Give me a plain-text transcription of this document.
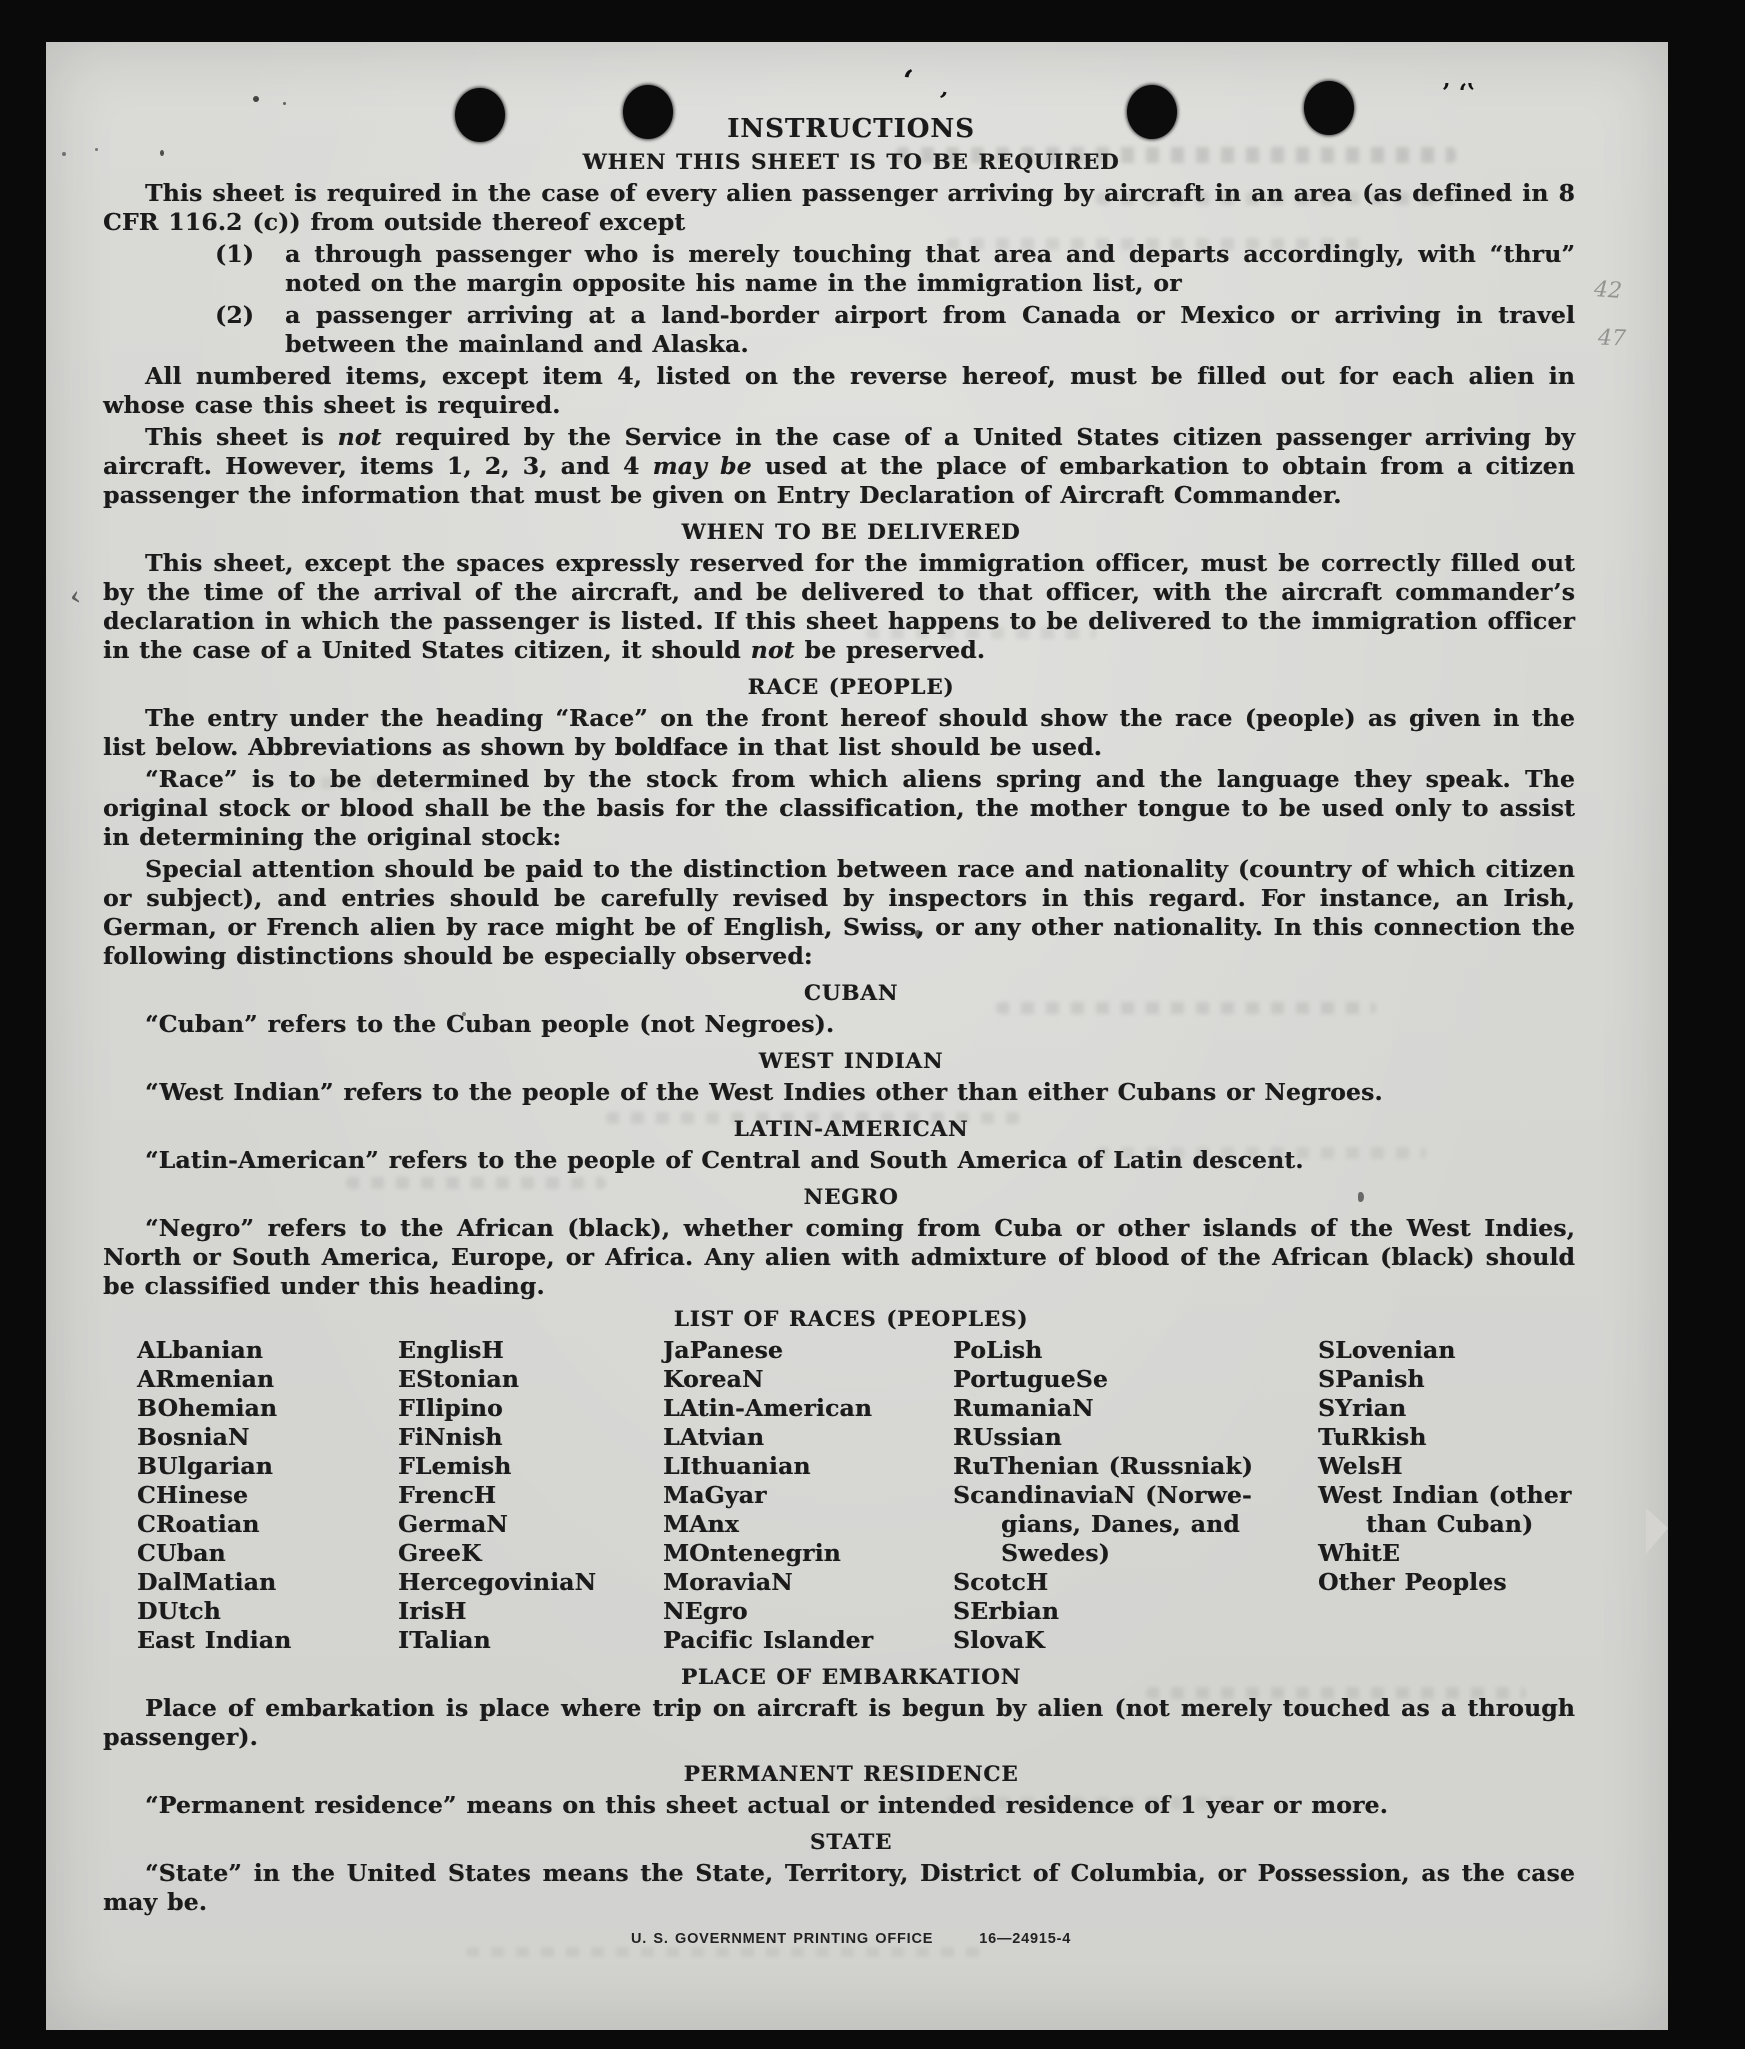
‘
’	’ ‘‛
‹
42
47
INSTRUCTIONS
WHEN THIS SHEET IS TO BE REQUIRED

This sheet is required in the case of every alien passenger arriving by aircraft in an area (as defined in 8 CFR 116.2 (c)) from outside thereof except

(1) a through passenger who is merely touching that area and departs accordingly, with “thru” noted on the margin opposite his name in the immigration list, or
(2) a passenger arriving at a land-border airport from Canada or Mexico or arriving in travel between the mainland and Alaska.

All numbered items, except item 4, listed on the reverse hereof, must be filled out for each alien in whose case this sheet is required.

This sheet is not required by the Service in the case of a United States citizen passenger arriving by aircraft. However, items 1, 2, 3, and 4 may be used at the place of embarkation to obtain from a citizen passenger the information that must be given on Entry Declaration of Aircraft Commander.

WHEN TO BE DELIVERED

This sheet, except the spaces expressly reserved for the immigration officer, must be correctly filled out by the time of the arrival of the aircraft, and be delivered to that officer, with the aircraft commander’s declaration in which the passenger is listed. If this sheet happens to be delivered to the immigration officer in the case of a United States citizen, it should not be preserved.

RACE (PEOPLE)

The entry under the heading “Race” on the front hereof should show the race (people) as given in the list below. Abbreviations as shown by boldface in that list should be used.

“Race” is to be determined by the stock from which aliens spring and the language they speak. The original stock or blood shall be the basis for the classification, the mother tongue to be used only to assist in determining the original stock:

Special attention should be paid to the distinction between race and nationality (country of which citizen or subject), and entries should be carefully revised by inspectors in this regard. For instance, an Irish, German, or French alien by race might be of English, Swiss, or any other nationality. In this connection the following distinctions should be especially observed:

CUBAN

“Cuban” refers to the Cuban people (not Negroes).

WEST INDIAN

“West Indian” refers to the people of the West Indies other than either Cubans or Negroes.

LATIN-AMERICAN

“Latin-American” refers to the people of Central and South America of Latin descent.

NEGRO

“Negro” refers to the African (black), whether coming from Cuba or other islands of the West Indies, North or South America, Europe, or Africa. Any alien with admixture of blood of the African (black) should be classified under this heading.

LIST OF RACES (PEOPLES)
ALbanian
ARmenian
BOhemian
BosniaN
BUlgarian
CHinese
CRoatian
CUban
DalMatian
DUtch
East Indian
EnglisH
EStonian
FIlipino
FiNnish
FLemish
FrencH
GermaN
GreeK
HercegoviniaN
IrisH
ITalian
JaPanese
KoreaN
LAtin-American
LAtvian
LIthuanian
MaGyar
MAnx
MOntenegrin
MoraviaN
NEgro
Pacific Islander
PoLish
PortugueSe
RumaniaN
RUssian
RuThenian (Russniak)
ScandinaviaN (Norwe-
gians, Danes, and
Swedes)
ScotcH
SErbian
SlovaK
SLovenian
SPanish
SYrian
TuRkish
WelsH
West Indian (other
than Cuban)
WhitE
Other Peoples
PLACE OF EMBARKATION

Place of embarkation is place where trip on aircraft is begun by alien (not merely touched as a through passenger).

PERMANENT RESIDENCE

“Permanent residence” means on this sheet actual or intended residence of 1 year or more.

STATE

“State” in the United States means the State, Territory, District of Columbia, or Possession, as the case may be.

U. S. GOVERNMENT PRINTING OFFICE	16—24915-4
